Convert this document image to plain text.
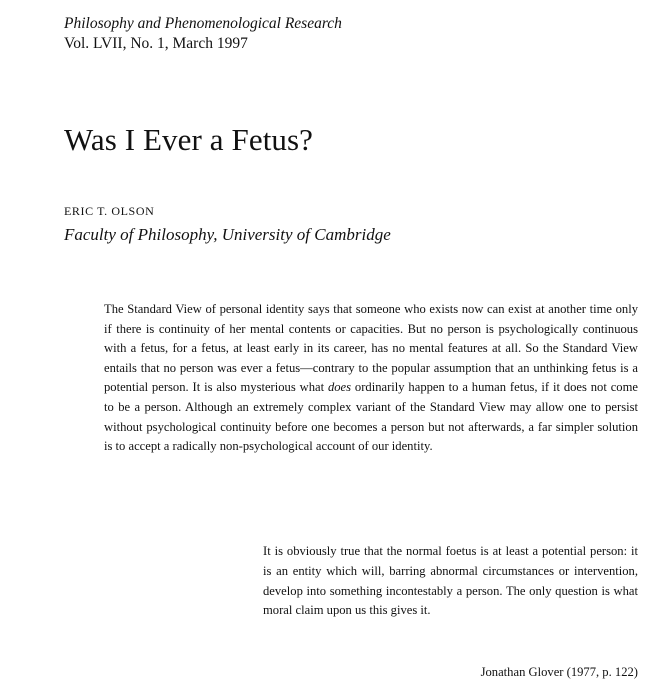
Philosophy and Phenomenological Research
Vol. LVII, No. 1, March 1997
Was I Ever a Fetus?
ERIC T. OLSON
Faculty of Philosophy, University of Cambridge

The Standard View of personal identity says that someone who exists now can exist at another time only if there is continuity of her mental contents or capacities. But no person is psychologically continuous with a fetus, for a fetus, at least early in its career, has no mental features at all. So the Standard View entails that no person was ever a fetus—contrary to the popular assumption that an unthinking fetus is a potential person. It is also mysterious what does ordinarily happen to a human fetus, if it does not come to be a person. Although an extremely complex variant of the Standard View may allow one to persist without psychological continuity before one becomes a person but not afterwards, a far simpler solution is to accept a radically non-psychological account of our identity.

It is obviously true that the normal foetus is at least a potential person: it is an entity which will, barring abnormal circumstances or intervention, develop into something incontestably a person. The only question is what moral claim upon us this gives it.

Jonathan Glover (1977, p. 122)
